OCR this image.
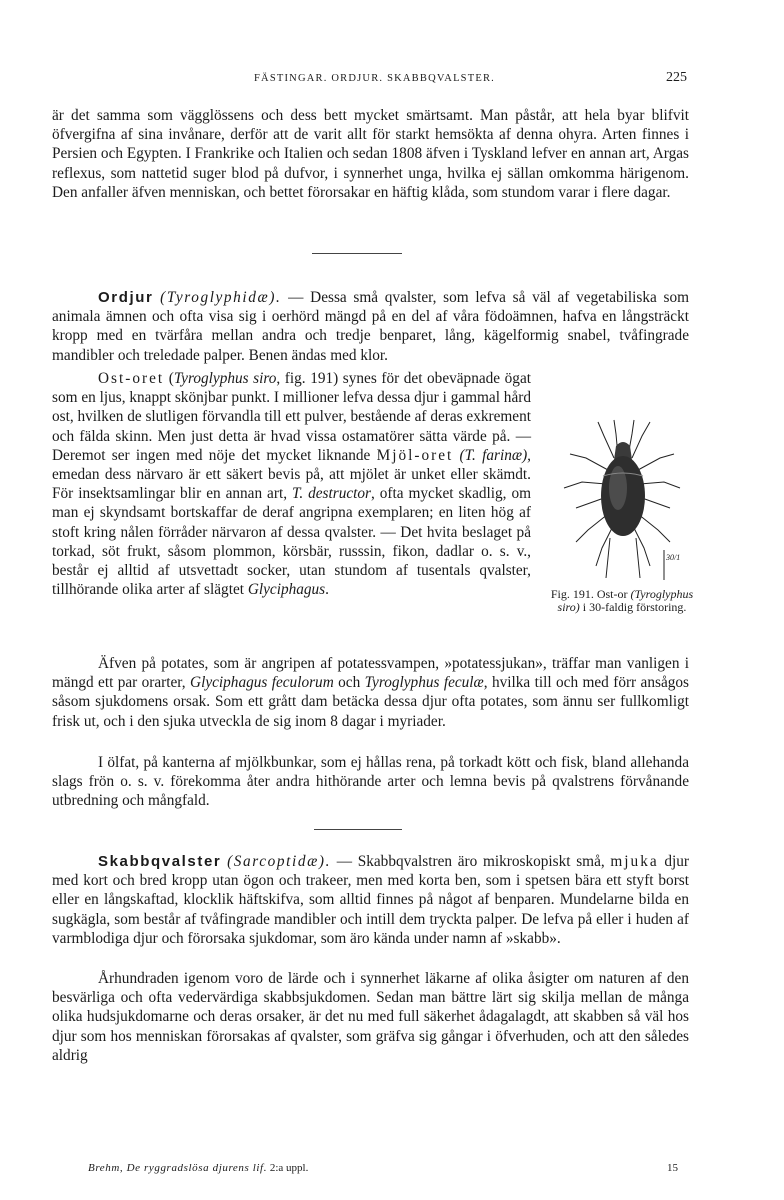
FÄSTINGAR. ORDJUR. SKABBQVALSTER.	225

är det samma som vägglössens och dess bett mycket smärtsamt. Man påstår, att hela byar blifvit öfvergifna af sina invånare, derför att de varit allt för starkt hemsökta af denna ohyra. Arten finnes i Persien och Egypten. I Frankrike och Italien och sedan 1808 äfven i Tyskland lefver en annan art, Argas reflexus, som nattetid suger blod på dufvor, i synnerhet unga, hvilka ej sällan omkomma härigenom. Den anfaller äfven menniskan, och bettet förorsakar en häftig klåda, som stundom varar i flere dagar.

Ordjur (Tyroglyphidæ). — Dessa små qvalster, som lefva så väl af vegetabiliska som animala ämnen och ofta visa sig i oerhörd mängd på en del af våra födoämnen, hafva en långsträckt kropp med en tvärfåra mellan andra och tredje benparet, lång, kägelformig snabel, tvåfingrade mandibler och treledade palper. Benen ändas med klor.

Ost-oret (Tyroglyphus siro, fig. 191) synes för det obeväpnade ögat som en ljus, knappt skönjbar punkt. I millioner lefva dessa djur i gammal hård ost, hvilken de slutligen förvandla till ett pulver, bestående af deras exkrement och fälda skinn. Men just detta är hvad vissa ostamatörer sätta värde på. — Deremot ser ingen med nöje det mycket liknande Mjöl-oret (T. farinæ), emedan dess närvaro är ett säkert bevis på, att mjölet är unket eller skämdt. För insektsamlingar blir en annan art, T. destructor, ofta mycket skadlig, om man ej skyndsamt bortskaffar de deraf angripna exemplaren; en liten hög af stoft kring nålen förråder närvaron af dessa qvalster. — Det hvita beslaget på torkad, söt frukt, såsom plommon, körsbär, russsin, fikon, dadlar o. s. v., består ej alltid af utsvettadt socker, utan stundom af tusentals qvalster, tillhörande olika arter af slägtet Glyciphagus.
30/1

Fig. 191. Ost-or (Tyroglyphus siro) i 30-faldig förstoring.

Äfven på potates, som är angripen af potatessvampen, »potatessjukan», träffar man vanligen i mängd ett par orarter, Glyciphagus feculorum och Tyroglyphus feculæ, hvilka till och med förr ansågos såsom sjukdomens orsak. Som ett grått dam betäcka dessa djur ofta potates, som ännu ser fullkomligt frisk ut, och i den sjuka utveckla de sig inom 8 dagar i myriader.

I ölfat, på kanterna af mjölkbunkar, som ej hållas rena, på torkadt kött och fisk, bland allehanda slags frön o. s. v. förekomma åter andra hithörande arter och lemna bevis på qvalstrens förvånande utbredning och mångfald.

Skabbqvalster (Sarcoptidæ). — Skabbqvalstren äro mikroskopiskt små, mjuka djur med kort och bred kropp utan ögon och trakeer, men med korta ben, som i spetsen bära ett styft borst eller en långskaftad, klocklik häftskifva, som alltid finnes på något af benparen. Mundelarne bilda en sugkägla, som består af tvåfingrade mandibler och intill dem tryckta palper. De lefva på eller i huden af varmblodiga djur och förorsaka sjukdomar, som äro kända under namn af »skabb».

Århundraden igenom voro de lärde och i synnerhet läkarne af olika åsigter om naturen af den besvärliga och ofta vedervärdiga skabbsjukdomen. Sedan man bättre lärt sig skilja mellan de många olika hudsjukdomarne och deras orsaker, är det nu med full säkerhet ådagalagdt, att skabben så väl hos djur som hos menniskan förorsakas af qvalster, som gräfva sig gångar i öfverhuden, och att den således aldrig

Brehm, De ryggradslösa djurens lif. 2:a uppl.	15
